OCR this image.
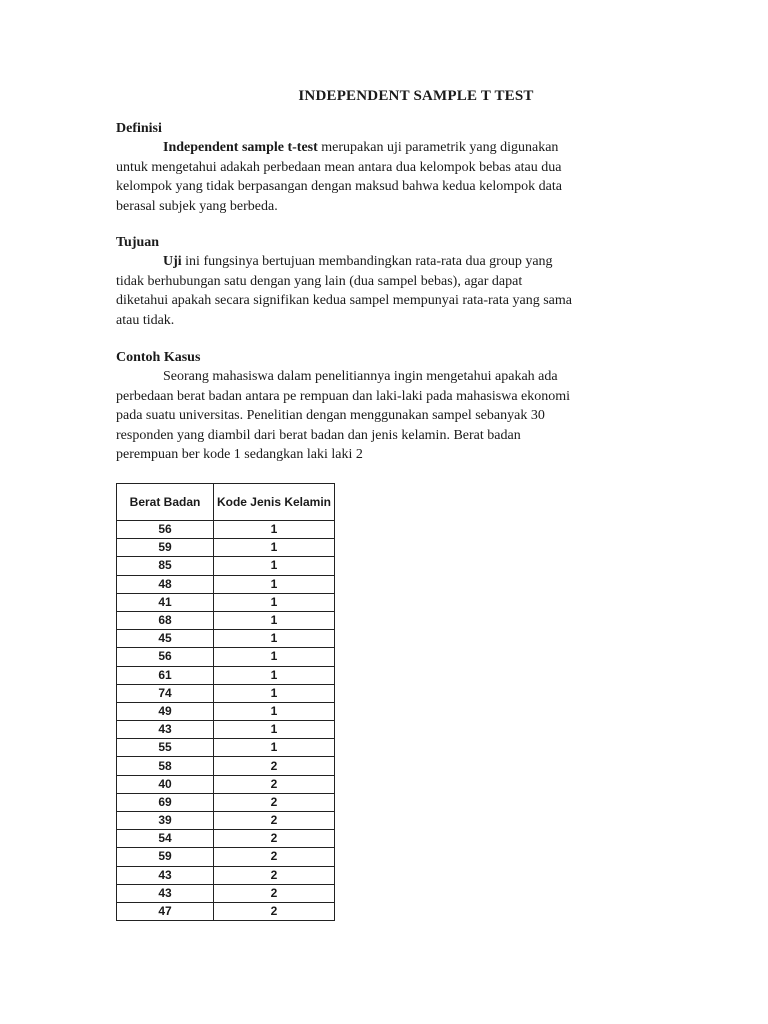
INDEPENDENT SAMPLE T TEST
Definisi

Independent sample t-test merupakan uji parametrik yang digunakan untuk mengetahui adakah perbedaan mean antara dua kelompok bebas atau dua kelompok yang tidak berpasangan dengan maksud bahwa kedua kelompok data berasal subjek yang berbeda.

Tujuan

Uji ini fungsinya bertujuan membandingkan rata-rata dua group yang tidak berhubungan satu dengan yang lain (dua sampel bebas), agar dapat diketahui apakah secara signifikan kedua sampel mempunyai rata-rata yang sama atau tidak.

Contoh Kasus

Seorang mahasiswa dalam penelitiannya ingin mengetahui apakah ada perbedaan berat badan antara pe rempuan dan laki-laki pada mahasiswa ekonomi pada suatu universitas. Penelitian dengan menggunakan sampel sebanyak 30 responden yang diambil dari berat badan dan jenis kelamin. Berat badan perempuan ber kode 1 sedangkan laki laki 2

Berat Badan	Kode Jenis Kelamin
56	1
59	1
85	1
48	1
41	1
68	1
45	1
56	1
61	1
74	1
49	1
43	1
55	1
58	2
40	2
69	2
39	2
54	2
59	2
43	2
43	2
47	2
